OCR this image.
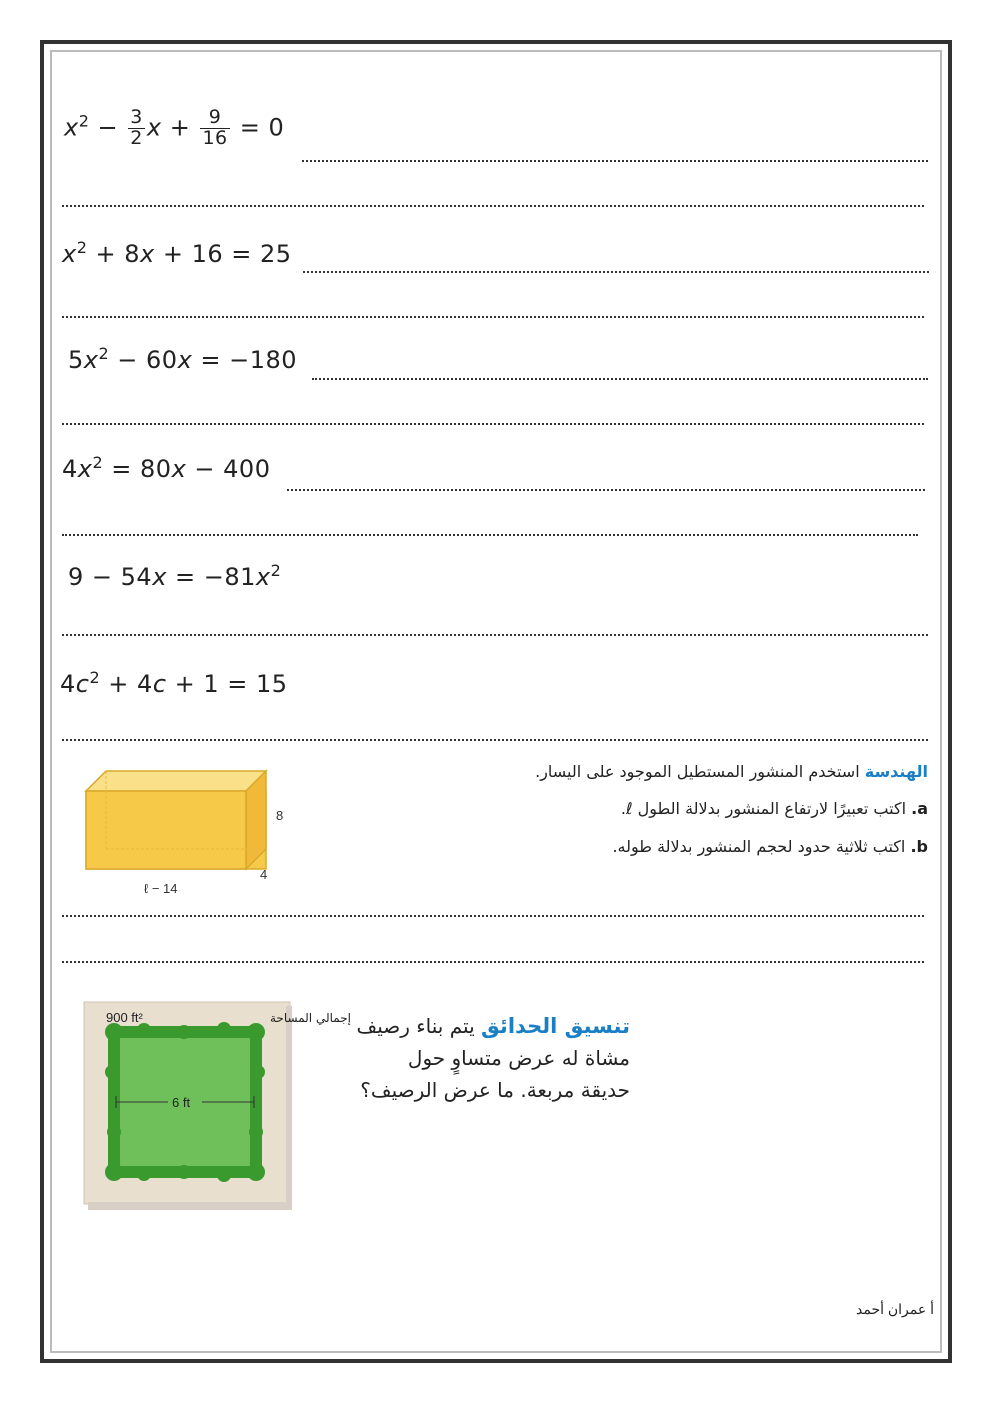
$x^2 - \frac{3}{2}$ $x + \frac{9}{16} = 0$
$x^2 + 8x + 16 = 25$
$5x^2 - 60x = -180$
$4x^2 = 80x - 400$
$9 - 54x = -81x^2$
$4c^2 + 4c + 1 = 15$
8
4
ℓ − 14
الهندسة استخدم المنشور المستطيل الموجود على اليسار.
a. اكتب تعبيرًا لارتفاع المنشور بدلالة الطول ℓ.
b. اكتب ثلاثية حدود لحجم المنشور بدلالة طوله.
6 ft
900 ft²	إجمالي المساحة	تنسيق الحدائق يتم بناء رصيف
مشاة له عرض متساوٍ حول
حديقة مربعة. ما عرض الرصيف؟
أ عمران أحمد
